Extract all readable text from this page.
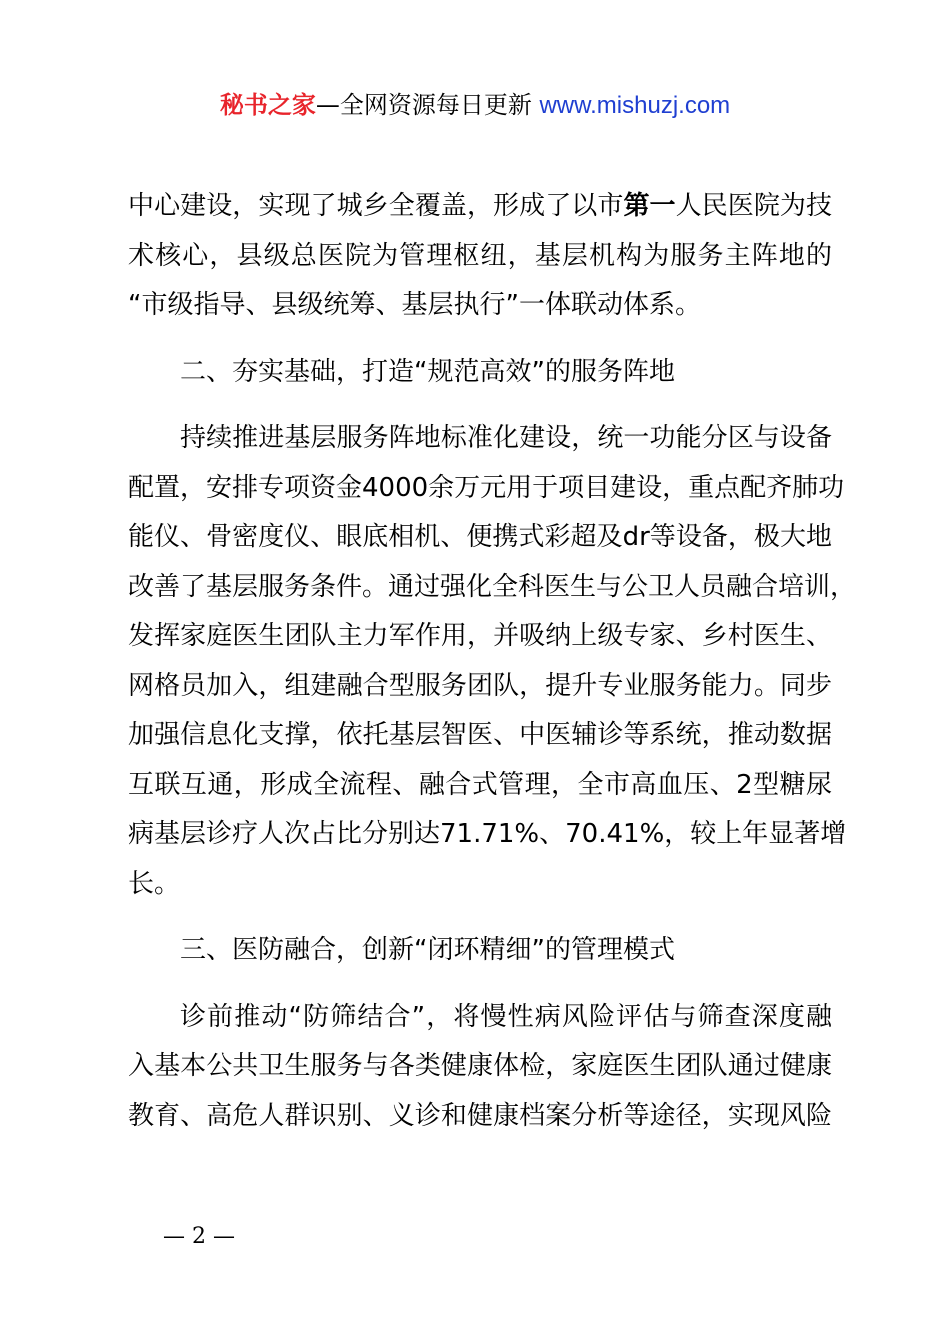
秘书之家—全网资源每日更新 www.mishuzj.com
中心建设，实现了城乡全覆盖，形成了以市第一人民医院为技
术核心，县级总医院为管理枢纽，基层机构为服务主阵地的
“市级指导、县级统筹、基层执行”一体联动体系。
二、夯实基础，打造“规范高效”的服务阵地
持续推进基层服务阵地标准化建设，统一功能分区与设备
配置，安排专项资金4000余万元用于项目建设，重点配齐肺功
能仪、骨密度仪、眼底相机、便携式彩超及dr等设备，极大地
改善了基层服务条件。通过强化全科医生与公卫人员融合培训，
发挥家庭医生团队主力军作用，并吸纳上级专家、乡村医生、
网格员加入，组建融合型服务团队，提升专业服务能力。同步
加强信息化支撑，依托基层智医、中医辅诊等系统，推动数据
互联互通，形成全流程、融合式管理，全市高血压、2型糖尿
病基层诊疗人次占比分别达71.71%、70.41%，较上年显著增
长。
三、医防融合，创新“闭环精细”的管理模式
诊前推动“防筛结合”，将慢性病风险评估与筛查深度融
入基本公共卫生服务与各类健康体检，家庭医生团队通过健康
教育、高危人群识别、义诊和健康档案分析等途径，实现风险
— 2 —
